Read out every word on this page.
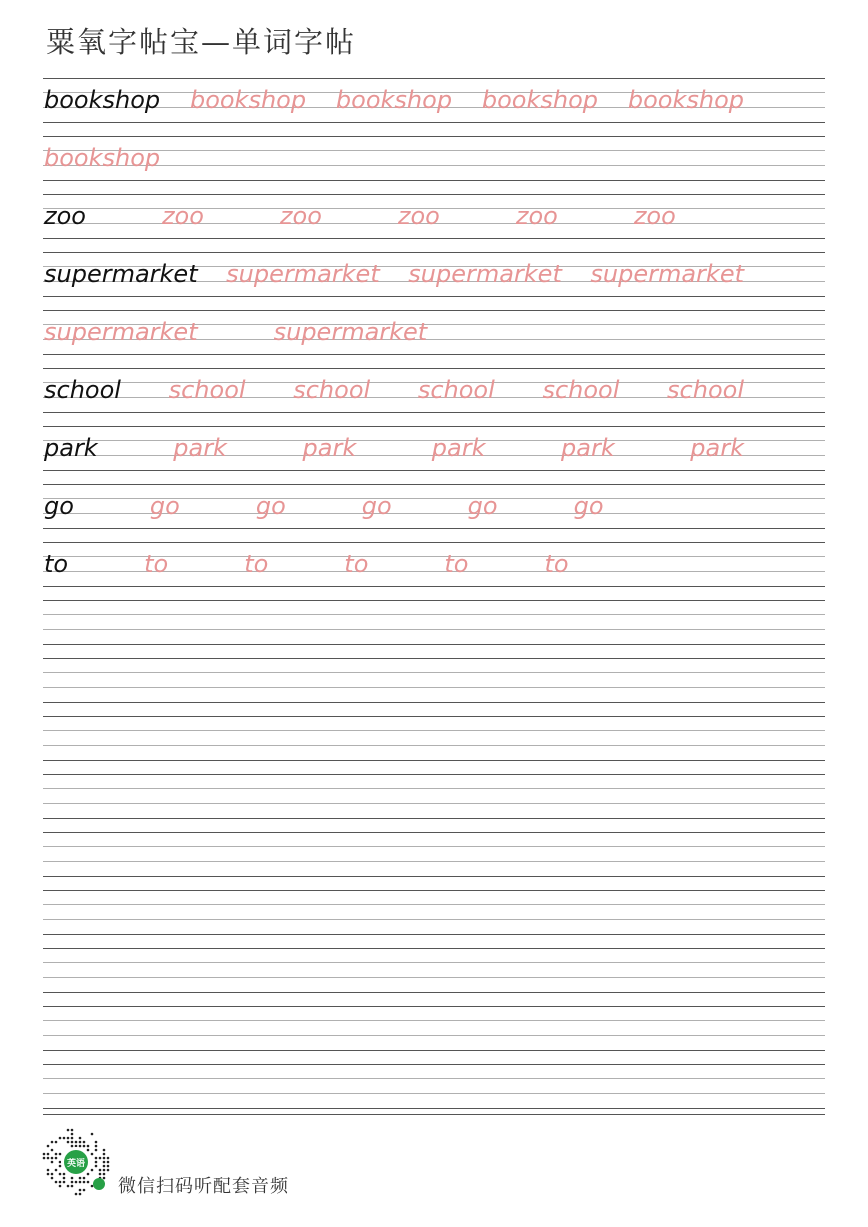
粟氧字帖宝—单词字帖
bookshop bookshop bookshop bookshop bookshop
bookshop
zoo	zoo	zoo	zoo	zoo	zoo
supermarket supermarket supermarket supermarket
supermarket	supermarket
school school school school school school
park	park	park	park	park	park
go	go	go	go	go	go
to	to	to	to	to	to
英语
微信扫码听配套音频
